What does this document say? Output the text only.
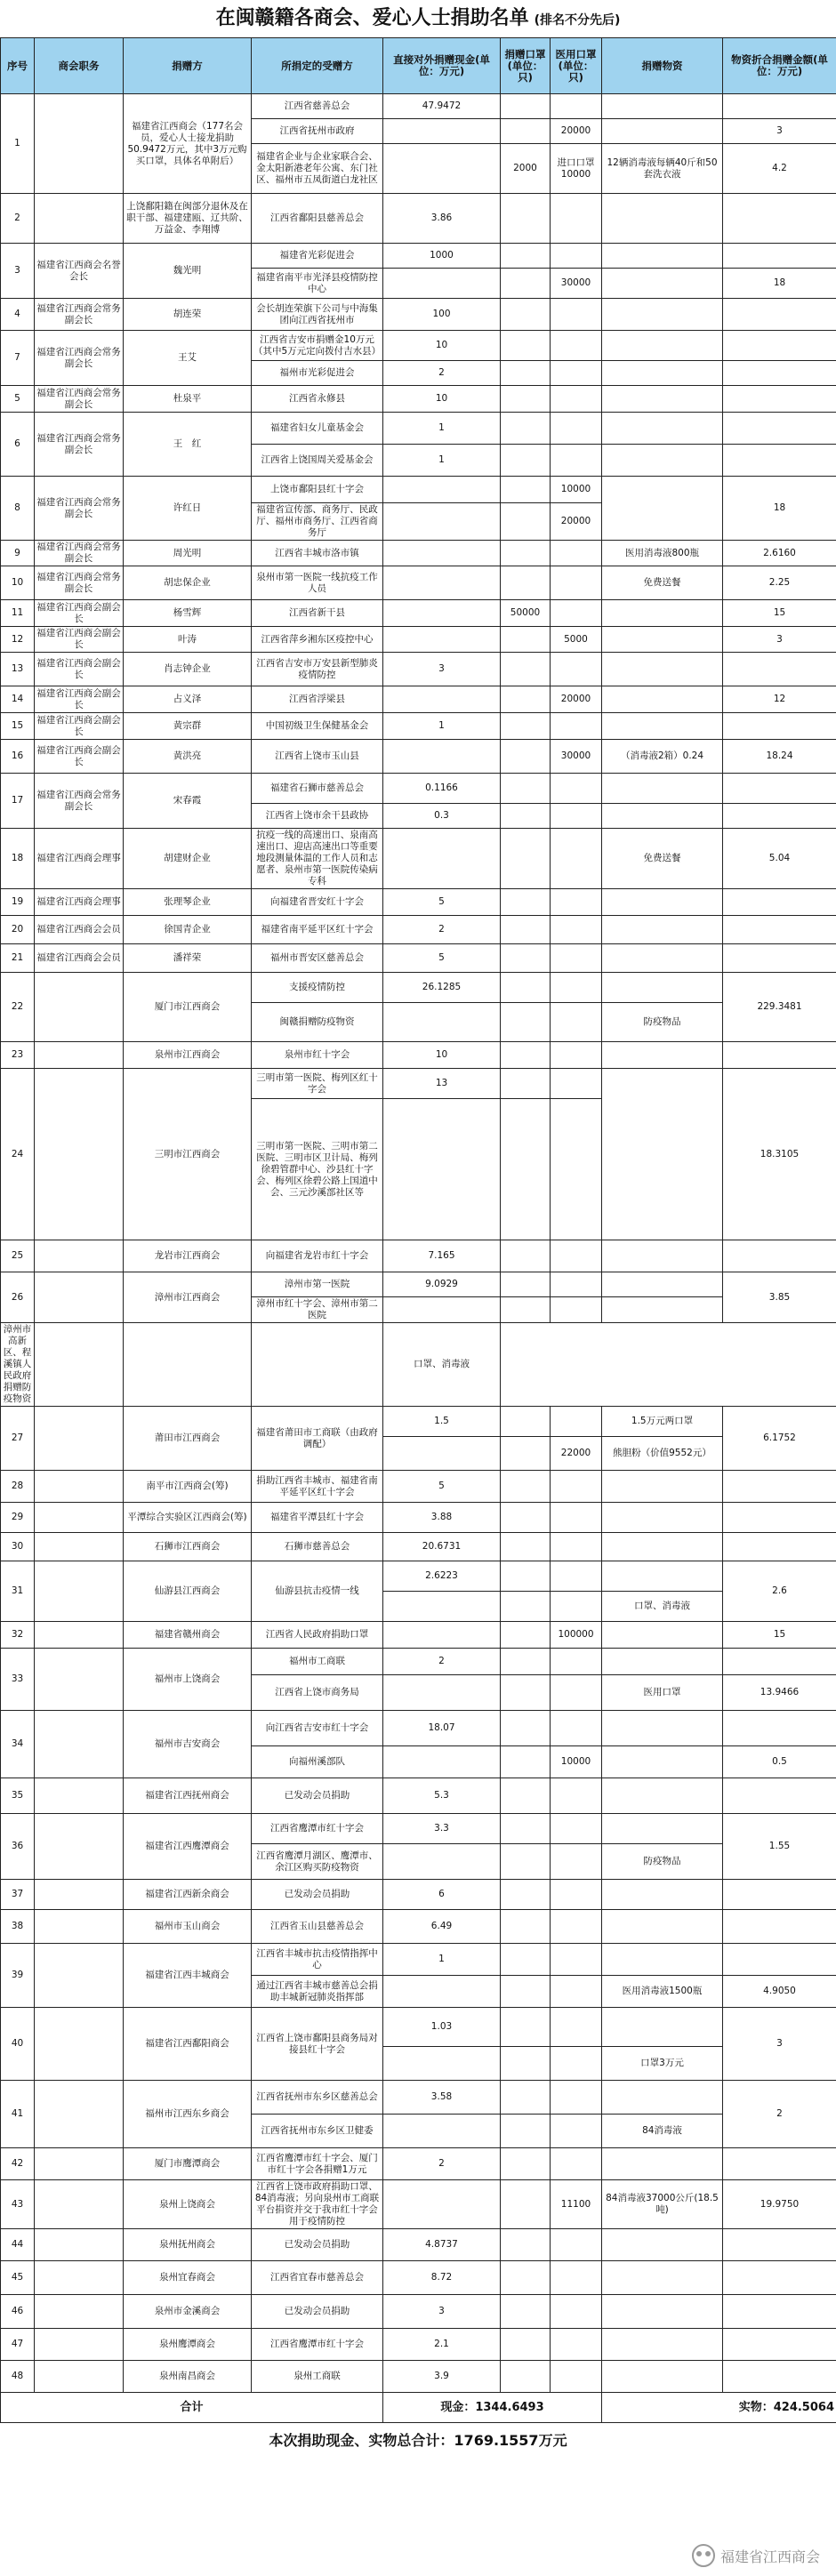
在闽赣籍各商会、爱心人士捐助名单 (排名不分先后)
序号	商会职务	捐赠方	所捐定的受赠方	直接对外捐赠现金(单位：万元)	捐赠口罩(单位：只)	医用口罩(单位：只)	捐赠物资	物资折合捐赠金额(单位：万元)	
1		福建省江西商会（177名会员，爱心人士接龙捐助50.9472万元，其中3万元购买口罩，具体名单附后）	江西省慈善总会	47.9472					
			江西省抚州市政府			20000		3	
			福建省企业与企业家联合会、金太阳新港老年公寓、东门社区、福州市五凤街道白龙社区		2000	进口口罩10000	12辆消毒液每辆40斤和50套洗衣液	4.2	
2		上饶鄱阳籍在闽部分退休及在职干部、福建建瓯、辽共阶、万益金、李翔博	江西省鄱阳县慈善总会	3.86					
3	福建省江西商会名誉会长	魏光明	福建省光彩促进会	1000					
			福建省南平市光泽县疫情防控中心			30000		18	
4	福建省江西商会常务副会长	胡连荣	会长胡连荣旗下公司与中海集团向江西省抚州市	100					
7	福建省江西商会常务副会长	王艾	江西省吉安市捐赠金10万元（其中5万元定向拨付吉水县）	10					
			福州市光彩促进会	2					
5	福建省江西商会常务副会长	杜泉平	江西省永修县	10					
6	福建省江西商会常务副会长	王　红	福建省妇女儿童基金会	1					
			江西省上饶国周关爱基金会	1					
8	福建省江西商会常务副会长	许红日	上饶市鄱阳县红十字会			10000		18	
			福建省宣传部、商务厅、民政厅、福州市商务厅、江西省商务厅			20000			
9	福建省江西商会常务副会长	周光明	江西省丰城市洛市镇				医用消毒液800瓶	2.6160	
10	福建省江西商会常务副会长	胡忠保企业	泉州市第一医院一线抗疫工作人员				免费送餐	2.25	
11	福建省江西商会副会长	杨雪辉	江西省新干县		50000			15	
12	福建省江西商会副会长	叶涛	江西省萍乡湘东区疫控中心			5000		3	
13	福建省江西商会副会长	肖志钟企业	江西省吉安市万安县新型肺炎疫情防控	3					
14	福建省江西商会副会长	占义泽	江西省浮梁县			20000		12	
15	福建省江西商会副会长	黄宗群	中国初级卫生保健基金会	1					
16	福建省江西商会副会长	黄洪亮	江西省上饶市玉山县			30000	（消毒液2箱）0.24	18.24	
17	福建省江西商会常务副会长	宋春霞	福建省石狮市慈善总会	0.1166					
			江西省上饶市余干县政协	0.3					
18	福建省江西商会理事	胡建财企业	抗疫一线的高速出口、泉南高速出口、迎店高速出口等重要地段测量体温的工作人员和志愿者、泉州市第一医院传染病专科				免费送餐	5.04	
19	福建省江西商会理事	张理琴企业	向福建省晋安红十字会	5					
20	福建省江西商会会员	徐国青企业	福建省南平延平区红十字会	2					
21	福建省江西商会会员	潘祥荣	福州市晋安区慈善总会	5					
22		厦门市江西商会	支援疫情防控	26.1285				229.3481	
			闽赣捐赠防疫物资				防疫物品		
23		泉州市江西商会	泉州市红十字会	10					
24		三明市江西商会	三明市第一医院、梅列区红十字会	13				18.3105	
			三明市第一医院、三明市第二医院、三明市区卫计局、梅列徐碧管群中心、沙县红十字会、梅列区徐碧公路上国道中会、三元沙溪部社区等				
25		龙岩市江西商会	向福建省龙岩市红十字会	7.165					
26		漳州市江西商会	漳州市第一医院	9.0929				3.85	
			漳州市红十字会、漳州市第二医院						
漳州市高新区、程溪镇人民政府捐赠防疫物资				口罩、消毒液					
27		莆田市江西商会	福建省莆田市工商联（由政府调配）	1.5			1.5万元两口罩	6.1752	
						22000	熊胆粉（价值9552元）		
28		南平市江西商会(筹)	捐助江西省丰城市、福建省南平延平区红十字会	5					
29		平潭综合实验区江西商会(筹)	福建省平潭县红十字会	3.88					
30		石狮市江西商会	石狮市慈善总会	20.6731					
31		仙游县江西商会	仙游县抗击疫情一线	2.6223				2.6	
							口罩、消毒液		
32		福建省赣州商会	江西省人民政府捐助口罩			100000		15	
33		福州市上饶商会	福州市工商联	2					
			江西省上饶市商务局				医用口罩	13.9466	
34		福州市吉安商会	向江西省吉安市红十字会	18.07					
			向福州溪部队			10000		0.5	
35		福建省江西抚州商会	已发动会员捐助	5.3					
36		福建省江西鹰潭商会	江西省鹰潭市红十字会	3.3				1.55	
			江西省鹰潭月湖区、鹰潭市、余江区购买防疫物资				防疫物品		
37		福建省江西新余商会	已发动会员捐助	6					
38		福州市玉山商会	江西省玉山县慈善总会	6.49					
39		福建省江西丰城商会	江西省丰城市抗击疫情指挥中心	1					
			通过江西省丰城市慈善总会捐助丰城新冠肺炎指挥部				医用消毒液1500瓶	4.9050	
40		福建省江西鄱阳商会	江西省上饶市鄱阳县商务局对接县红十字会	1.03				3	
							口罩3万元		
41		福州市江西东乡商会	江西省抚州市东乡区慈善总会	3.58				2	
			江西省抚州市东乡区卫健委				84消毒液		
42		厦门市鹰潭商会	江西省鹰潭市红十字会、厦门市红十字会各捐赠1万元	2					
43		泉州上饶商会	江西省上饶市政府捐助口罩、84消毒液；另向泉州市工商联平台捐资并交于我市红十字会用于疫情防控			11100	84消毒液37000公斤(18.5吨)	19.9750	
44		泉州抚州商会	已发动会员捐助	4.8737					
45		泉州宜春商会	江西省宜春市慈善总会	8.72					
46		泉州市金溪商会	已发动会员捐助	3					
47		泉州鹰潭商会	江西省鹰潭市红十字会	2.1					
48		泉州南昌商会	泉州工商联	3.9					
合计				现金：1344.6493			实物：424.5064		
本次捐助现金、实物总合计：1769.1557万元
福建省江西商会
